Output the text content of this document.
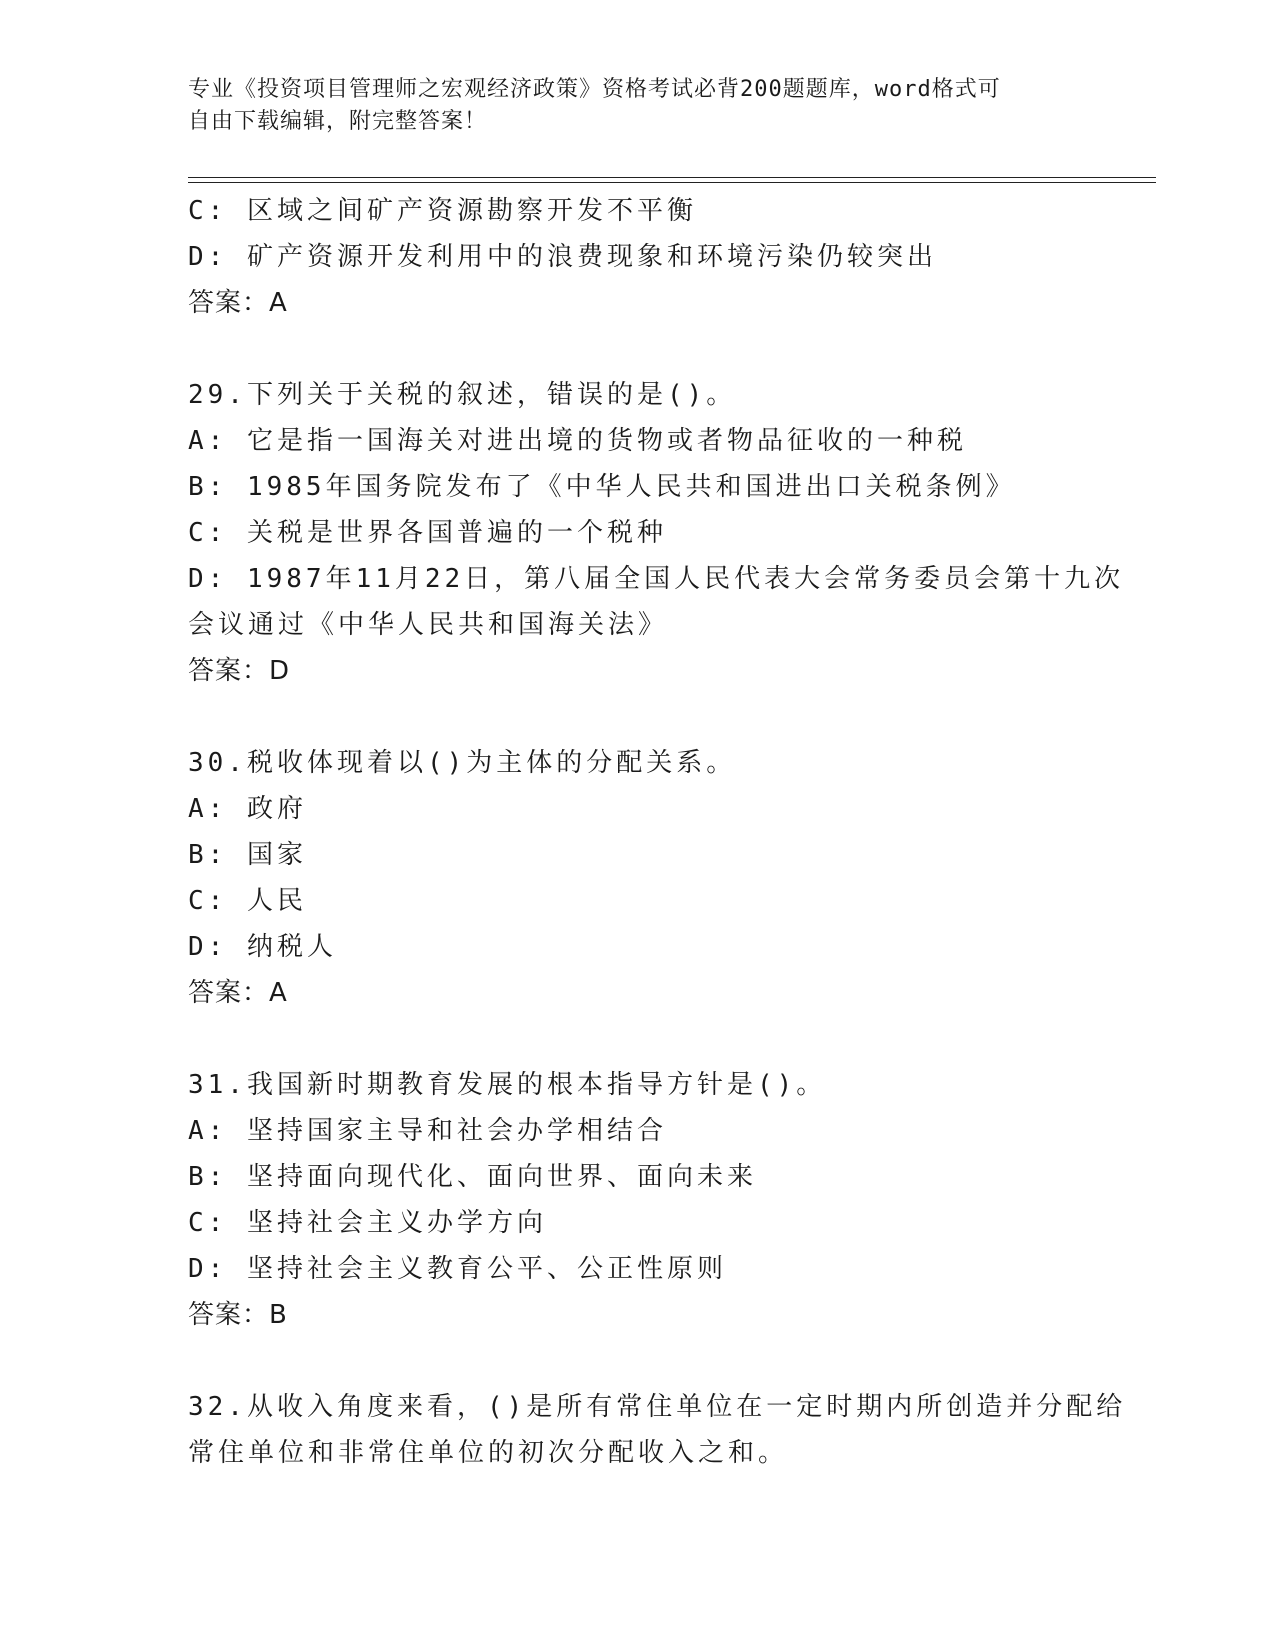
专业《投资项目管理师之宏观经济政策》资格考试必背200题题库，word格式可
自由下载编辑，附完整答案！
C: 区域之间矿产资源勘察开发不平衡
D: 矿产资源开发利用中的浪费现象和环境污染仍较突出
答案：A
29.下列关于关税的叙述，错误的是()。
A: 它是指一国海关对进出境的货物或者物品征收的一种税
B: 1985年国务院发布了《中华人民共和国进出口关税条例》
C: 关税是世界各国普遍的一个税种
D: 1987年11月22日，第八届全国人民代表大会常务委员会第十九次
会议通过《中华人民共和国海关法》
答案：D
30.税收体现着以()为主体的分配关系。
A: 政府
B: 国家
C: 人民
D: 纳税人
答案：A
31.我国新时期教育发展的根本指导方针是()。
A: 坚持国家主导和社会办学相结合
B: 坚持面向现代化、面向世界、面向未来
C: 坚持社会主义办学方向
D: 坚持社会主义教育公平、公正性原则
答案：B
32.从收入角度来看，()是所有常住单位在一定时期内所创造并分配给
常住单位和非常住单位的初次分配收入之和。
